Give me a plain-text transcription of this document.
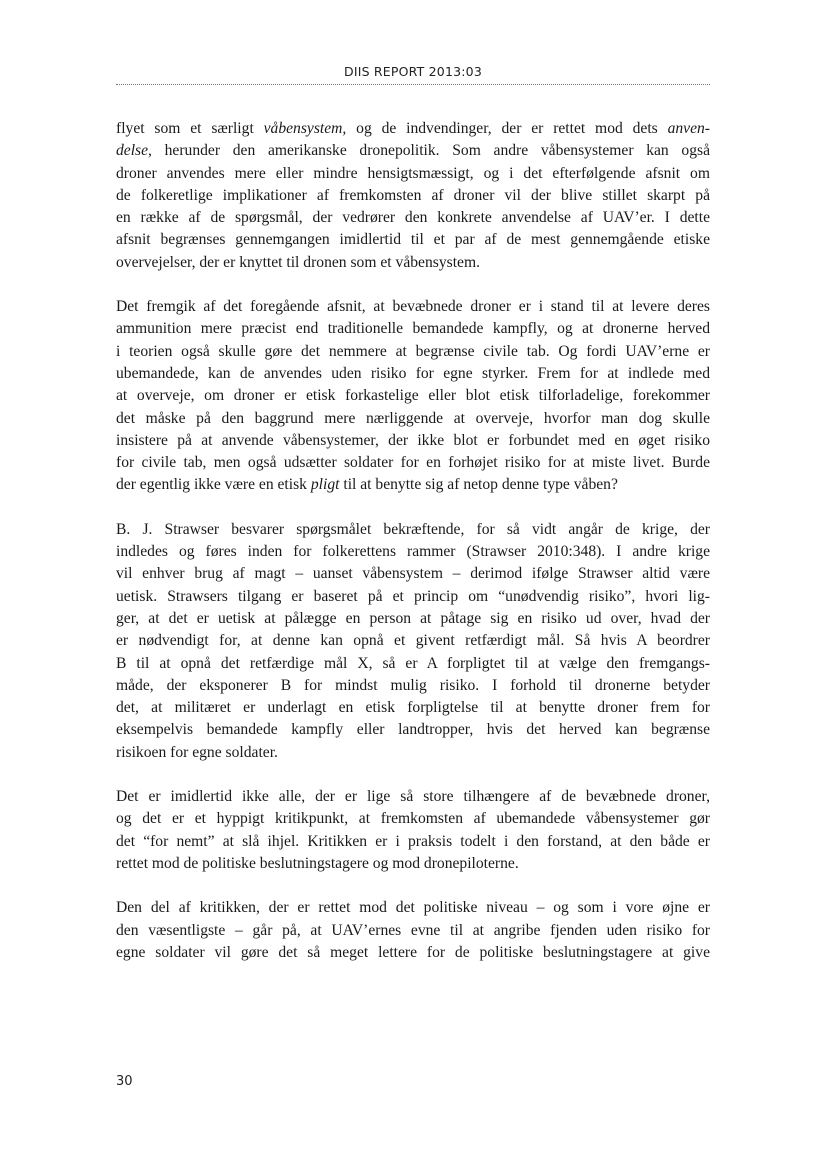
DIIS REPORT 2013:03
flyet som et særligt våbensystem, og de indvendinger, der er rettet mod dets anven-
delse, herunder den amerikanske dronepolitik. Som andre våbensystemer kan også
droner anvendes mere eller mindre hensigtsmæssigt, og i det efterfølgende afsnit om
de folkeretlige implikationer af fremkomsten af droner vil der blive stillet skarpt på
en række af de spørgsmål, der vedrører den konkrete anvendelse af UAV’er. I dette
afsnit begrænses gennemgangen imidlertid til et par af de mest gennemgående etiske
overvejelser, der er knyttet til dronen som et våbensystem.
Det fremgik af det foregående afsnit, at bevæbnede droner er i stand til at levere deres
ammunition mere præcist end traditionelle bemandede kampfly, og at dronerne herved
i teorien også skulle gøre det nemmere at begrænse civile tab. Og fordi UAV’erne er
ubemandede, kan de anvendes uden risiko for egne styrker. Frem for at indlede med
at overveje, om droner er etisk forkastelige eller blot etisk tilforladelige, forekommer
det måske på den baggrund mere nærliggende at overveje, hvorfor man dog skulle
insistere på at anvende våbensystemer, der ikke blot er forbundet med en øget risiko
for civile tab, men også udsætter soldater for en forhøjet risiko for at miste livet. Burde
der egentlig ikke være en etisk pligt til at benytte sig af netop denne type våben?
B. J. Strawser besvarer spørgsmålet bekræftende, for så vidt angår de krige, der
indledes og føres inden for folkerettens rammer (Strawser 2010:348). I andre krige
vil enhver brug af magt – uanset våbensystem – derimod ifølge Strawser altid være
uetisk. Strawsers tilgang er baseret på et princip om “unødvendig risiko”, hvori lig-
ger, at det er uetisk at pålægge en person at påtage sig en risiko ud over, hvad der
er nødvendigt for, at denne kan opnå et givent retfærdigt mål. Så hvis A beordrer
B til at opnå det retfærdige mål X, så er A forpligtet til at vælge den fremgangs-
måde, der eksponerer B for mindst mulig risiko. I forhold til dronerne betyder
det, at militæret er underlagt en etisk forpligtelse til at benytte droner frem for
eksempelvis bemandede kampfly eller landtropper, hvis det herved kan begrænse
risikoen for egne soldater.
Det er imidlertid ikke alle, der er lige så store tilhængere af de bevæbnede droner,
og det er et hyppigt kritikpunkt, at fremkomsten af ubemandede våbensystemer gør
det “for nemt” at slå ihjel. Kritikken er i praksis todelt i den forstand, at den både er
rettet mod de politiske beslutningstagere og mod dronepiloterne.
Den del af kritikken, der er rettet mod det politiske niveau – og som i vore øjne er
den væsentligste – går på, at UAV’ernes evne til at angribe fjenden uden risiko for
egne soldater vil gøre det så meget lettere for de politiske beslutningstagere at give
30
